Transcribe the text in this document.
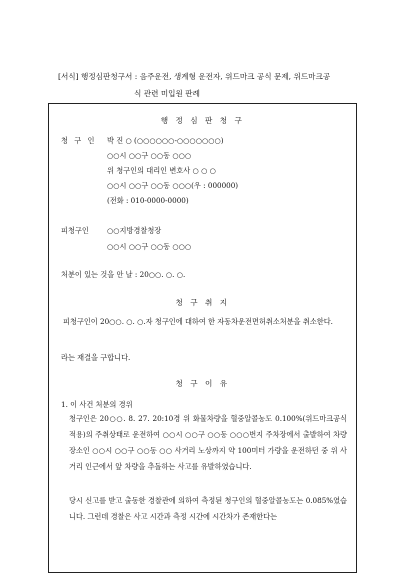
[서식] 행정심판청구서 : 음주운전, 생계형 운전자, 위드마크 공식 문제, 위드마크공
식 관련 미입원 판례
행 정 심 판 청 구
청 구 인 박 진 ○ (○○○○○○-○○○○○○○)
○○시 ○○구 ○○동 ○○○
위 청구인의 대리인 변호사 ○ ○ ○
○○시 ○○구 ○○동 ○○○(우 : 000000)
(전화 : 010-0000-0000)
피청구인	○○지방경찰청장
○○시 ○○구 ○○동 ○○○
처분이 있는 것을 안 날 : 20○○. ○. ○.
청 구 취 지
피청구인이 20○○. ○. ○.자 청구인에 대하여 한 자동차운전면허취소처분을 취소한다.
라는 재결을 구합니다.
청 구 이 유
1. 이 사건 처분의 경위
청구인은 20○○. 8. 27. 20:10경 위 화물차량을 혈중알콜농도 0.100%(위드마크공식 적용)의 주취상태로 운전하여 ○○시 ○○구 ○○동 ○○○번지 주차장에서 출발하여 차량장소인 ○○시 ○○구 ○○동 ○○ 사거리 노상까지 약 100미터 가량을 운전하던 중 위 사거리 인근에서 앞 차량을 추돌하는 사고를 유발하였습니다.
당시 신고를 받고 출동한 경찰관에 의하여 측정된 청구인의 혈중알콜농도는 0.085%였습니다. 그런데 경찰은 사고 시간과 측정 시간에 시간차가 존재한다는
